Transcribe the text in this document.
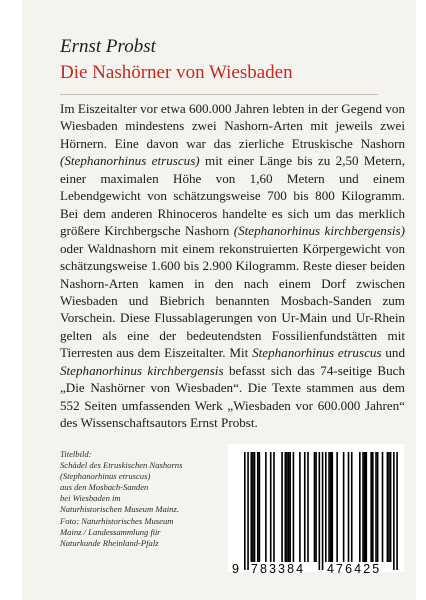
Ernst Probst
Die Nashörner von Wiesbaden
Im Eiszeitalter vor etwa 600.000 Jahren lebten in der Gegend von Wiesbaden mindestens zwei Nashorn-Arten mit jeweils zwei Hörnern. Eine davon war das zierliche Etruskische Nashorn (Stephanorhinus etruscus) mit einer Länge bis zu 2,50 Metern, einer maximalen Höhe von 1,60 Metern und einem Lebendgewicht von schätzungsweise 700 bis 800 Kilogramm. Bei dem anderen Rhinoceros handelte es sich um das merklich größere Kirchbergsche Nashorn (Stephanorhinus kirchbergensis) oder Waldnashorn mit einem rekonstruierten Körpergewicht von schätzungsweise 1.600 bis 2.900 Kilogramm. Reste dieser beiden Nashorn-Arten kamen in den nach einem Dorf zwischen Wiesbaden und Biebrich benannten Mosbach-Sanden zum Vorschein. Diese Flussablagerungen von Ur-Main und Ur-Rhein gelten als eine der bedeutendsten Fossilienfundstätten mit Tierresten aus dem Eiszeitalter. Mit Stephanorhinus etruscus und Stephanorhinus kirchbergensis befasst sich das 74-seitige Buch „Die Nashörner von Wiesbaden“. Die Texte stammen aus dem 552 Seiten umfassenden Werk „Wiesbaden vor 600.000 Jahren“ des Wissenschaftsautors Ernst Probst.
Titelbild:
Schädel des Etruskischen Nashorns
(Stephanorhinus etruscus)
aus den Mosbach-Sanden
bei Wiesbaden im
Naturhistorischen Museum Mainz.
Foto: Naturhistorisches Museum
Mainz / Landessammlung für
Naturkunde Rheinland-Pfalz
9 783384 476425
